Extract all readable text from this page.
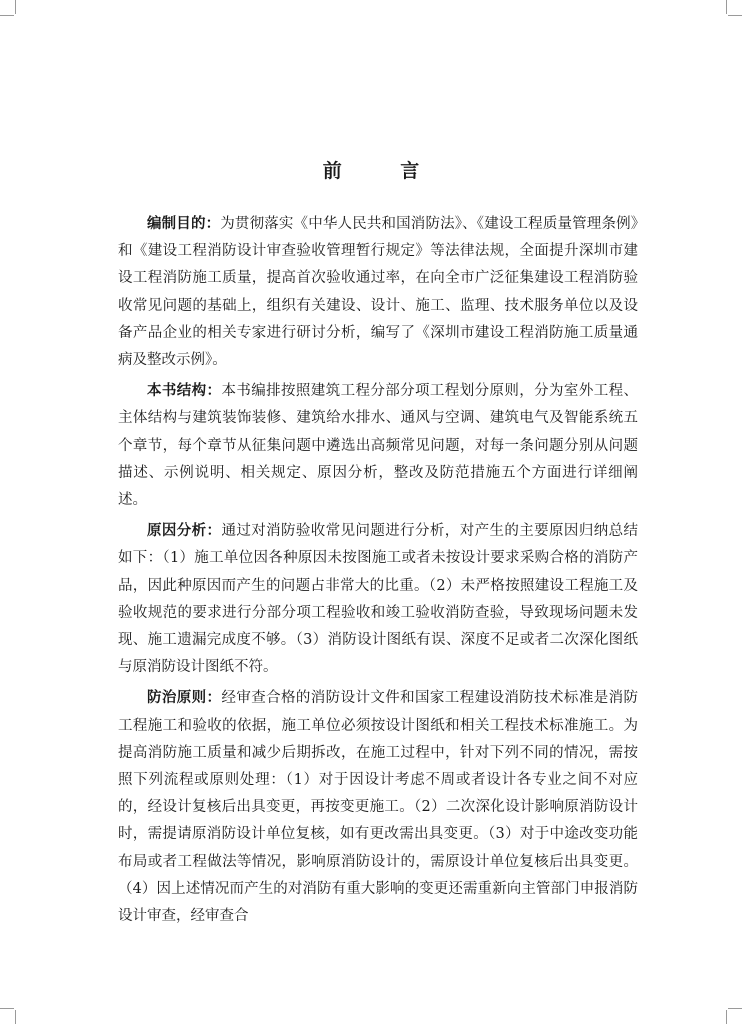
前 言

编制目的：为贯彻落实《中华人民共和国消防法》、《建设工程质量管理条例》和《建设工程消防设计审查验收管理暂行规定》等法律法规，全面提升深圳市建设工程消防施工质量，提高首次验收通过率，在向全市广泛征集建设工程消防验收常见问题的基础上，组织有关建设、设计、施工、监理、技术服务单位以及设备产品企业的相关专家进行研讨分析，编写了《深圳市建设工程消防施工质量通病及整改示例》。

本书结构：本书编排按照建筑工程分部分项工程划分原则，分为室外工程、主体结构与建筑装饰装修、建筑给水排水、通风与空调、建筑电气及智能系统五个章节，每个章节从征集问题中遴选出高频常见问题，对每一条问题分别从问题描述、示例说明、相关规定、原因分析，整改及防范措施五个方面进行详细阐述。

原因分析：通过对消防验收常见问题进行分析，对产生的主要原因归纳总结如下：（1）施工单位因各种原因未按图施工或者未按设计要求采购合格的消防产品，因此种原因而产生的问题占非常大的比重。（2）未严格按照建设工程施工及验收规范的要求进行分部分项工程验收和竣工验收消防查验，导致现场问题未发现、施工遗漏完成度不够。（3）消防设计图纸有误、深度不足或者二次深化图纸与原消防设计图纸不符。

防治原则：经审查合格的消防设计文件和国家工程建设消防技术标准是消防工程施工和验收的依据，施工单位必须按设计图纸和相关工程技术标准施工。为提高消防施工质量和减少后期拆改，在施工过程中，针对下列不同的情况，需按照下列流程或原则处理：（1）对于因设计考虑不周或者设计各专业之间不对应的，经设计复核后出具变更，再按变更施工。（2）二次深化设计影响原消防设计时，需提请原消防设计单位复核，如有更改需出具变更。（3）对于中途改变功能布局或者工程做法等情况，影响原消防设计的，需原设计单位复核后出具变更。（4）因上述情况而产生的对消防有重大影响的变更还需重新向主管部门申报消防设计审查，经审查合
